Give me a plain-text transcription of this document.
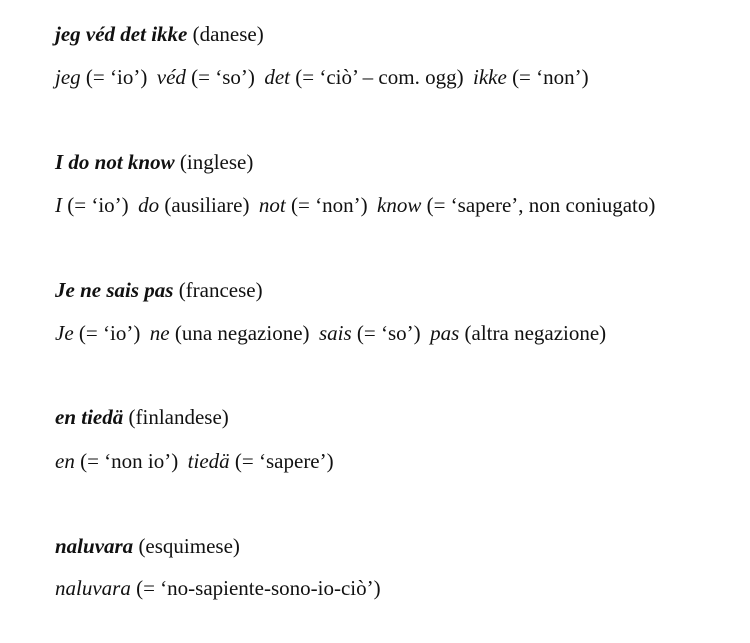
jeg véd det ikke (danese)
jeg (= ‘io’) véd (= ‘so’) det (= ‘ciò’ – com. ogg) ikke (= ‘non’)
I do not know (inglese)
I (= ‘io’) do (ausiliare) not (= ‘non’) know (= ‘sapere’, non coniugato)
Je ne sais pas (francese)
Je (= ‘io’) ne (una negazione) sais (= ‘so’) pas (altra negazione)
en tiedä (finlandese)
en (= ‘non io’) tiedä (= ‘sapere’)
naluvara (esquimese)
naluvara (= ‘no-sapiente-sono-io-ciò’)
